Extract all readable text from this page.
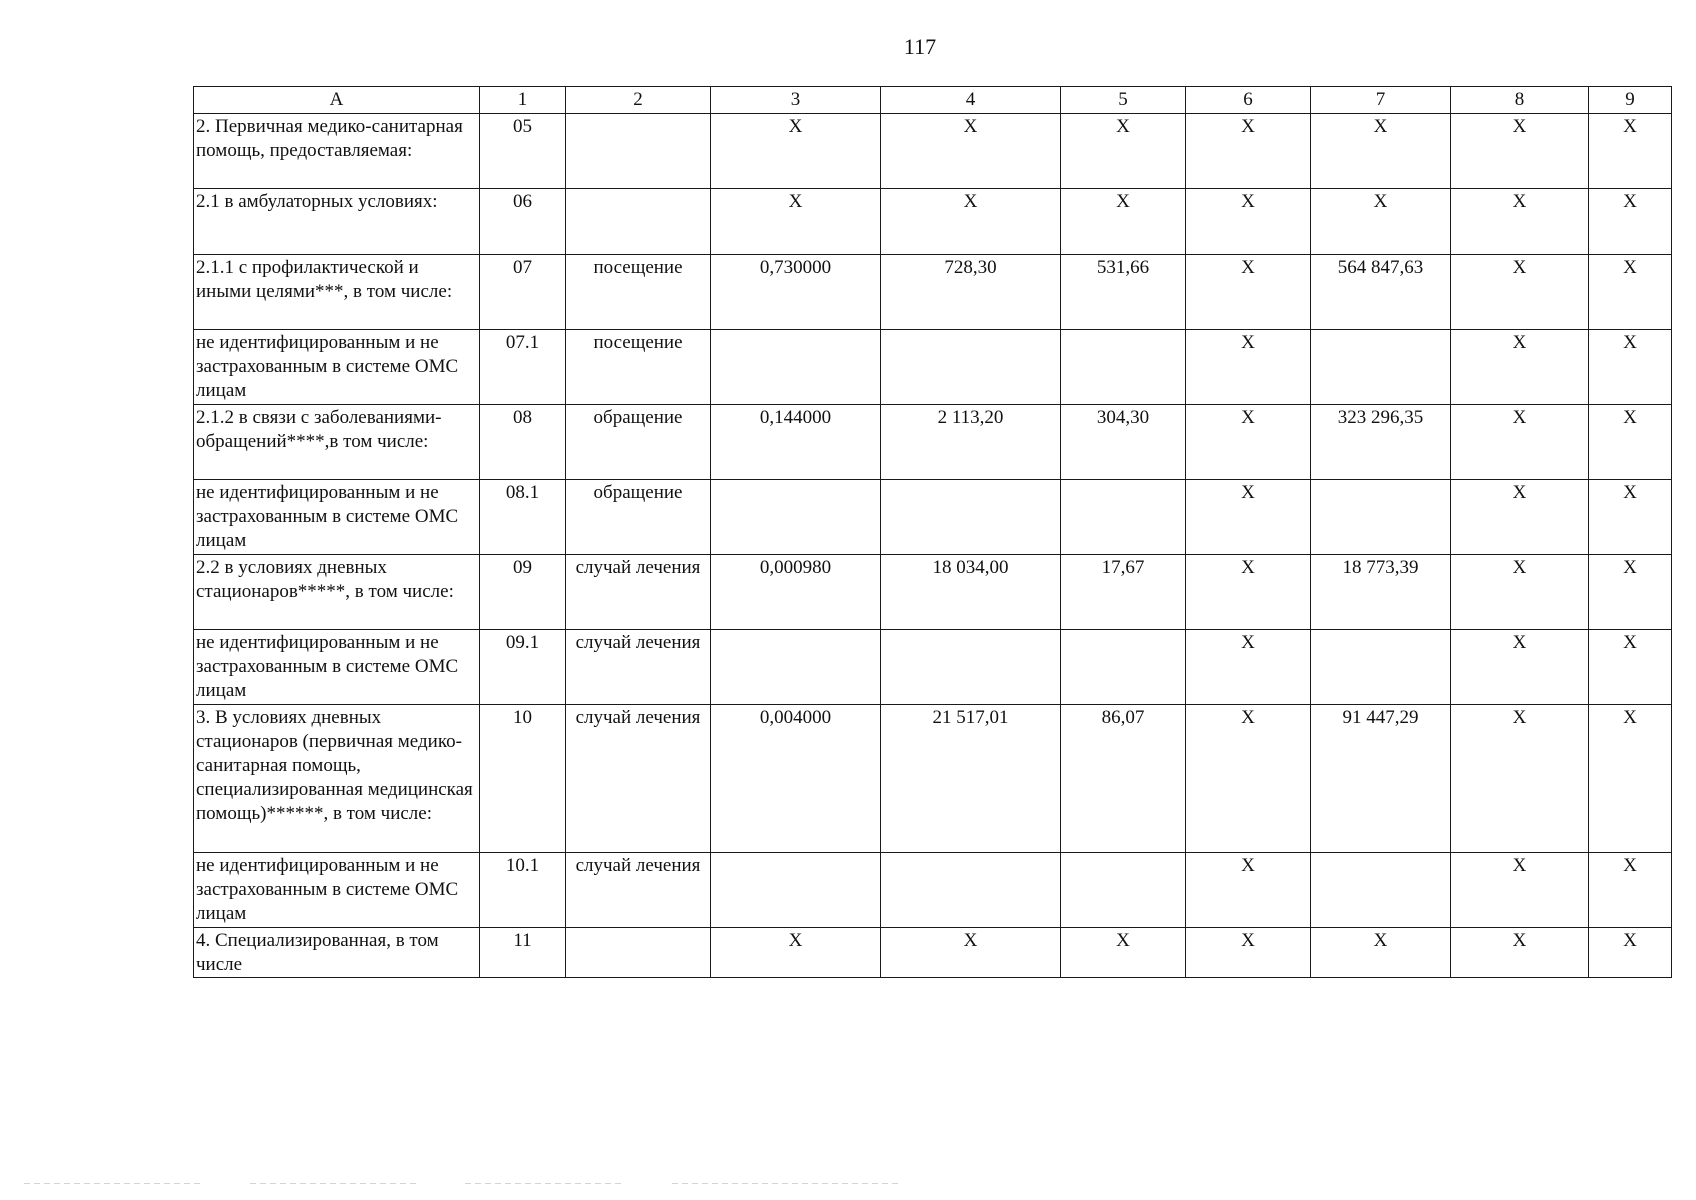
117
А	1	2	3	4	5	6	7	8	9
2. Первичная медико-санитарная помощь, предоставляемая:	05		Х	Х	Х	Х	Х	Х	Х
2.1 в амбулаторных условиях:	06		Х	Х	Х	Х	Х	Х	Х
2.1.1 с профилактической и иными целями***, в том числе:	07	посещение	0,730000	728,30	531,66	Х	564 847,63	Х	Х
не идентифицированным и не застрахованным в системе ОМС лицам	07.1	посещение				Х		Х	Х
2.1.2 в связи с заболеваниями-обращений****,в том числе:	08	обращение	0,144000	2 113,20	304,30	Х	323 296,35	Х	Х
не идентифицированным и не застрахованным в системе ОМС лицам	08.1	обращение				Х		Х	Х
2.2 в условиях дневных стационаров*****, в том числе:	09	случай лечения	0,000980	18 034,00	17,67	Х	18 773,39	Х	Х
не идентифицированным и не застрахованным в системе ОМС лицам	09.1	случай лечения				Х		Х	Х
3. В условиях дневных стационаров (первичная медико-санитарная помощь, специализированная медицинская помощь)******, в том числе:	10	случай лечения	0,004000	21 517,01	86,07	Х	91 447,29	Х	Х
не идентифицированным и не застрахованным в системе ОМС лицам	10.1	случай лечения				Х		Х	Х
4. Специализированная, в том числе	11		Х	Х	Х	Х	Х	Х	Х
